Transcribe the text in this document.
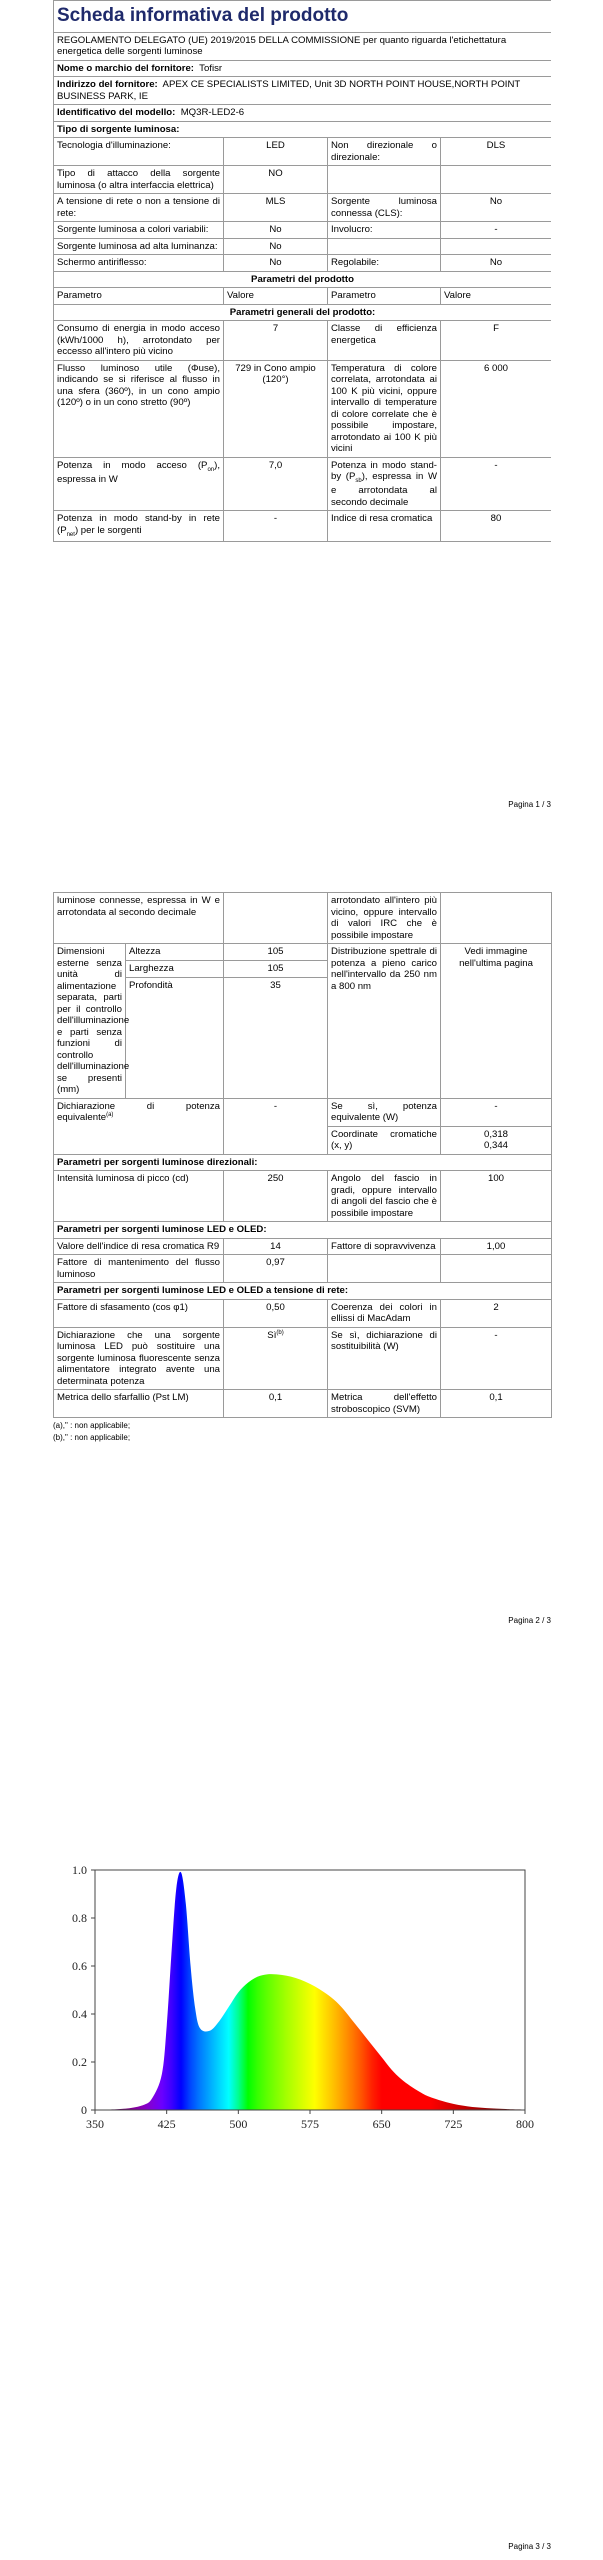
Scheda informativa del prodotto			
REGOLAMENTO DELEGATO (UE) 2019/2015 DELLA COMMISSIONE per quanto riguarda l'etichettatura energetica delle sorgenti luminose			
Nome o marchio del fornitore: Tofisr			
Indirizzo del fornitore: APEX CE SPECIALISTS LIMITED, Unit 3D NORTH POINT HOUSE,NORTH POINT BUSINESS PARK, IE			
Identificativo del modello: MQ3R-LED2-6			
Tipo di sorgente luminosa:			
Tecnologia d'illuminazione:	LED	Non direzionale o direzionale:	DLS
Tipo di attacco della sorgente luminosa (o altra interfaccia elettrica)	NO		
A tensione di rete o non a tensione di rete:	MLS	Sorgente luminosa connessa (CLS):	No
Sorgente luminosa a colori variabili:	No	Involucro:	-
Sorgente luminosa ad alta luminanza:	No		
Schermo antiriflesso:	No	Regolabile:	No
Parametri del prodotto			
Parametro	Valore	Parametro	Valore
Parametri generali del prodotto:			
Consumo di energia in modo acceso (kWh/1000 h), arrotondato per eccesso all'intero più vicino	7	Classe di efficienza energetica	F
Flusso luminoso utile (Φuse), indicando se si riferisce al flusso in una sfera (360º), in un cono ampio (120º) o in un cono stretto (90º)	729 in Cono ampio (120°)	Temperatura di colore correlata, arrotondata ai 100 K più vicini, oppure intervallo di temperature di colore correlate che è possibile impostare, arrotondato ai 100 K più vicini	6 000
Potenza in modo acceso $(P_{on})$, espressa in W	7,0	Potenza in modo stand-by $(P_{sb})$, espressa in W e arrotondata al secondo decimale	-
Potenza in modo stand-by in rete $(P_{net})$ per le sorgenti	-	Indice di resa cromatica	80
Pagina 1 / 3
luminose connesse, espressa in W e arrotondata al secondo decimale			arrotondato all'intero più vicino, oppure intervallo di valori IRC che è possibile impostare	
Dimensioni esterne senza unità di alimentazione separata, parti per il controllo dell'illuminazione e parti senza funzioni di controllo dell'illuminazione se presenti (mm)	Altezza	105	Distribuzione spettrale di potenza a pieno carico nell'intervallo da 250 nm a 800 nm	Vedi immagine nell'ultima pagina
	Larghezza	105		
	Profondità	35		
Dichiarazione di potenza equivalente$^{(a)}$		-	Se sì, potenza equivalente (W)	-
			Coordinate cromatiche (x, y)	0,318
0,344
Parametri per sorgenti luminose direzionali:				
Intensità luminosa di picco (cd)		250	Angolo del fascio in gradi, oppure intervallo di angoli del fascio che è possibile impostare	100
Parametri per sorgenti luminose LED e OLED:				
Valore dell'indice di resa cromatica R9		14	Fattore di sopravvivenza	1,00
Fattore di mantenimento del flusso luminoso		0,97		
Parametri per sorgenti luminose LED e OLED a tensione di rete:				
Fattore di sfasamento (cos φ1)		0,50	Coerenza dei colori in ellissi di MacAdam	2
Dichiarazione che una sorgente luminosa LED può sostituire una sorgente luminosa fluorescente senza alimentatore integrato avente una determinata potenza		$Sì^{(b)}$	Se sì, dichiarazione di sostituibilità (W)	-
Metrica dello sfarfallio (Pst LM)		0,1	Metrica dell'effetto stroboscopico (SVM)	0,1
(a)," : non applicabile;
(b)," : non applicabile;
Pagina 2 / 3
0
0.2
0.4
0.6
0.8
1.0
350	425	500	575	650	725	800
Pagina 3 / 3
